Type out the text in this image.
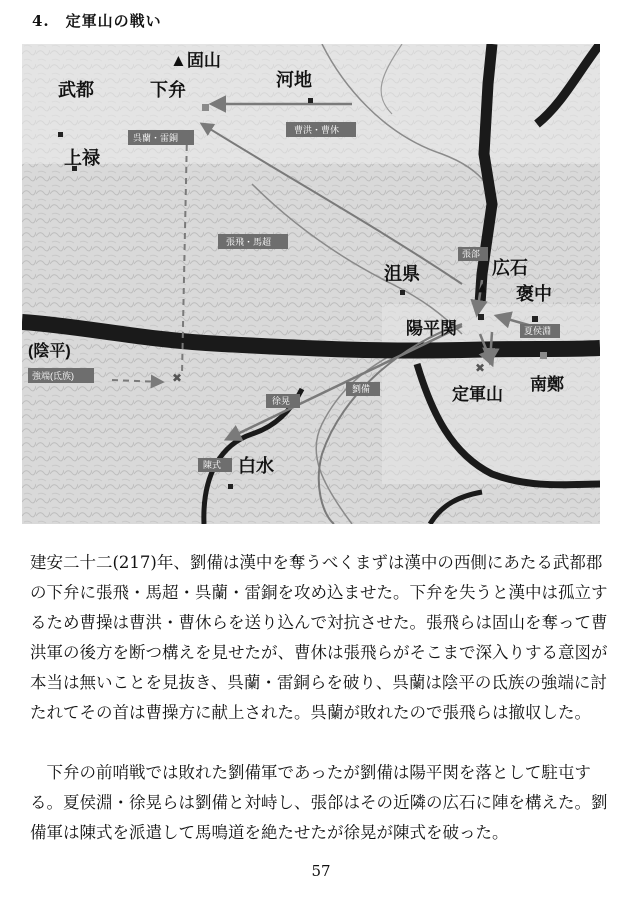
4.　定軍山の戦い
✖
✖
▲
▲固山
武都	下弁	河地
上禄
沮県	広石
褒中
陽平関
(陰平)
定軍山
南鄭
白水
呉蘭・雷銅
曹洪・曹休
張飛・馬超
張郃
夏侯淵
強端(氐族)
徐晃
劉備
陳式

建安二十二(217)年、劉備は漢中を奪うべくまずは漢中の西側にあたる武都郡の下弁に張飛・馬超・呉蘭・雷銅を攻め込ませた。下弁を失うと漢中は孤立するため曹操は曹洪・曹休らを送り込んで対抗させた。張飛らは固山を奪って曹洪軍の後方を断つ構えを見せたが、曹休は張飛らがそこまで深入りする意図が本当は無いことを見抜き、呉蘭・雷銅らを破り、呉蘭は陰平の氐族の強端に討たれてその首は曹操方に献上された。呉蘭が敗れたので張飛らは撤収した。

下弁の前哨戦では敗れた劉備軍であったが劉備は陽平関を落として駐屯する。夏侯淵・徐晃らは劉備と対峙し、張郃はその近隣の広石に陣を構えた。劉備軍は陳式を派遣して馬鳴道を絶たせたが徐晃が陳式を破った。

57
